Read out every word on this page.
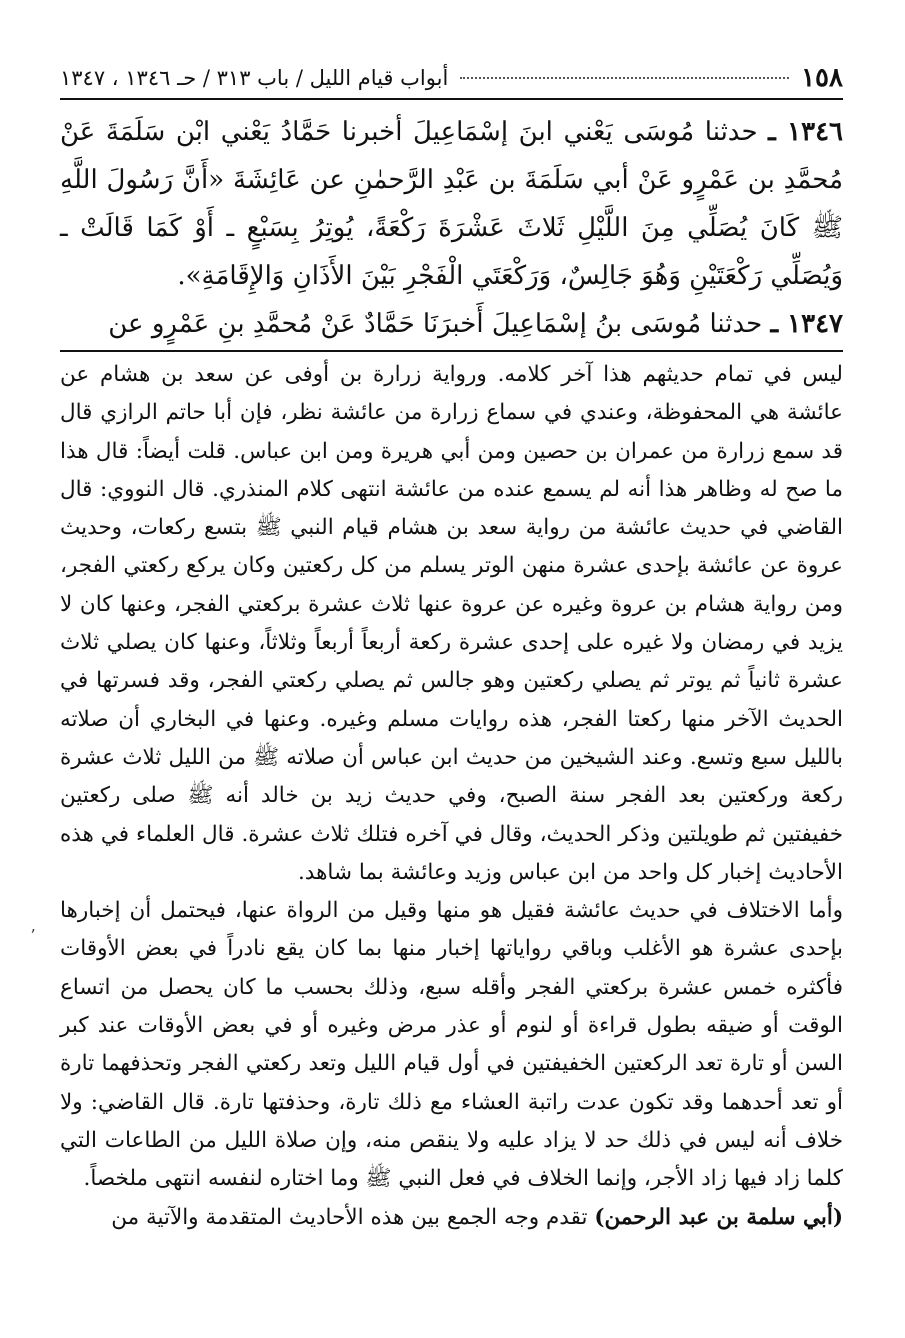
١٥٨
أبواب قيام الليل / باب ٣١٣ / حـ ١٣٤٦ ، ١٣٤٧

١٣٤٦ ـ حدثنا مُوسَى يَعْني ابنَ إسْمَاعِيلَ أخبرنا حَمَّادُ يَعْني ابْن سَلَمَةَ عَنْ مُحمَّدِ بن عَمْرٍو عَنْ أبي سَلَمَةَ بن عَبْدِ الرَّحمٰنِ عن عَائِشَةَ «أَنَّ رَسُولَ اللَّهِ ﷺ كَانَ يُصَلِّي مِنَ اللَّيْلِ ثَلاثَ عَشْرَةَ رَكْعَةً، يُوتِرُ بِسَبْعٍ ـ أَوْ كَمَا قَالَتْ ـ وَيُصَلِّي رَكْعَتَيْنِ وَهُوَ جَالِسٌ، وَرَكْعَتَي الْفَجْرِ بَيْنَ الأَذَانِ وَالإِقَامَةِ».

١٣٤٧ ـ حدثنا مُوسَى بنُ إسْمَاعِيلَ أَخبرَنَا حَمَّادٌ عَنْ مُحمَّدِ بنِ عَمْرٍو عن

ليس في تمام حديثهم هذا آخر كلامه. ورواية زرارة بن أوفى عن سعد بن هشام عن عائشة هي المحفوظة، وعندي في سماع زرارة من عائشة نظر، فإن أبا حاتم الرازي قال قد سمع زرارة من عمران بن حصين ومن أبي هريرة ومن ابن عباس. قلت أيضاً: قال هذا ما صح له وظاهر هذا أنه لم يسمع عنده من عائشة انتهى كلام المنذري. قال النووي: قال القاضي في حديث عائشة من رواية سعد بن هشام قيام النبي ﷺ بتسع ركعات، وحديث عروة عن عائشة بإحدى عشرة منهن الوتر يسلم من كل ركعتين وكان يركع ركعتي الفجر، ومن رواية هشام بن عروة وغيره عن عروة عنها ثلاث عشرة بركعتي الفجر، وعنها كان لا يزيد في رمضان ولا غيره على إحدى عشرة ركعة أربعاً أربعاً وثلاثاً، وعنها كان يصلي ثلاث عشرة ثانياً ثم يوتر ثم يصلي ركعتين وهو جالس ثم يصلي ركعتي الفجر، وقد فسرتها في الحديث الآخر منها ركعتا الفجر، هذه روايات مسلم وغيره. وعنها في البخاري أن صلاته بالليل سبع وتسع. وعند الشيخين من حديث ابن عباس أن صلاته ﷺ من الليل ثلاث عشرة ركعة وركعتين بعد الفجر سنة الصبح، وفي حديث زيد بن خالد أنه ﷺ صلى ركعتين خفيفتين ثم طويلتين وذكر الحديث، وقال في آخره فتلك ثلاث عشرة. قال العلماء في هذه الأحاديث إخبار كل واحد من ابن عباس وزيد وعائشة بما شاهد.

وأما الاختلاف في حديث عائشة فقيل هو منها وقيل من الرواة عنها، فيحتمل أن إخبارها بإحدى عشرة هو الأغلب وباقي رواياتها إخبار منها بما كان يقع نادراً في بعض الأوقات فأكثره خمس عشرة بركعتي الفجر وأقله سبع، وذلك بحسب ما كان يحصل من اتساع الوقت أو ضيقه بطول قراءة أو لنوم أو عذر مرض وغيره أو في بعض الأوقات عند كبر السن أو تارة تعد الركعتين الخفيفتين في أول قيام الليل وتعد ركعتي الفجر وتحذفهما تارة أو تعد أحدهما وقد تكون عدت راتبة العشاء مع ذلك تارة، وحذفتها تارة. قال القاضي: ولا خلاف أنه ليس في ذلك حد لا يزاد عليه ولا ينقص منه، وإن صلاة الليل من الطاعات التي كلما زاد فيها زاد الأجر، وإنما الخلاف في فعل النبي ﷺ وما اختاره لنفسه انتهى ملخصاً.

(أبي سلمة بن عبد الرحمن) تقدم وجه الجمع بين هذه الأحاديث المتقدمة والآتية من

ʼ
